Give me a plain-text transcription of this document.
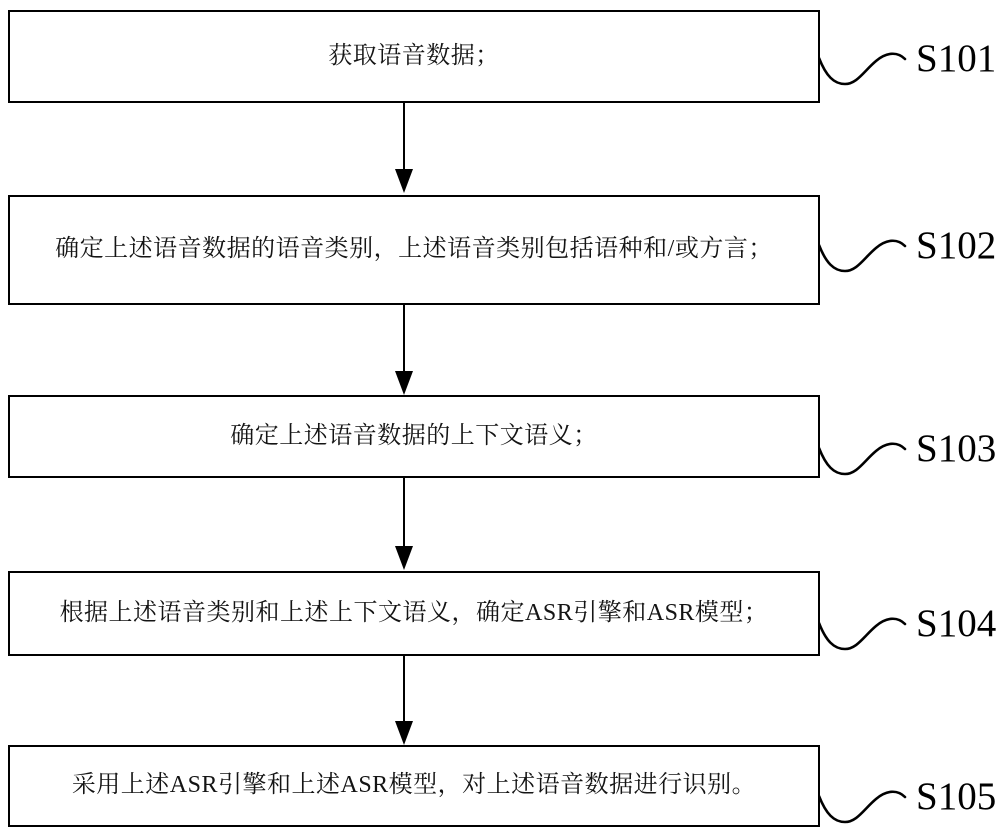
获取语音数据；
确定上述语音数据的语音类别，上述语音类别包括语种和/或方言；
确定上述语音数据的上下文语义；
根据上述语音类别和上述上下文语义，确定ASR引擎和ASR模型；
采用上述ASR引擎和上述ASR模型，对上述语音数据进行识别。
S101
S102
S103
S104
S105
